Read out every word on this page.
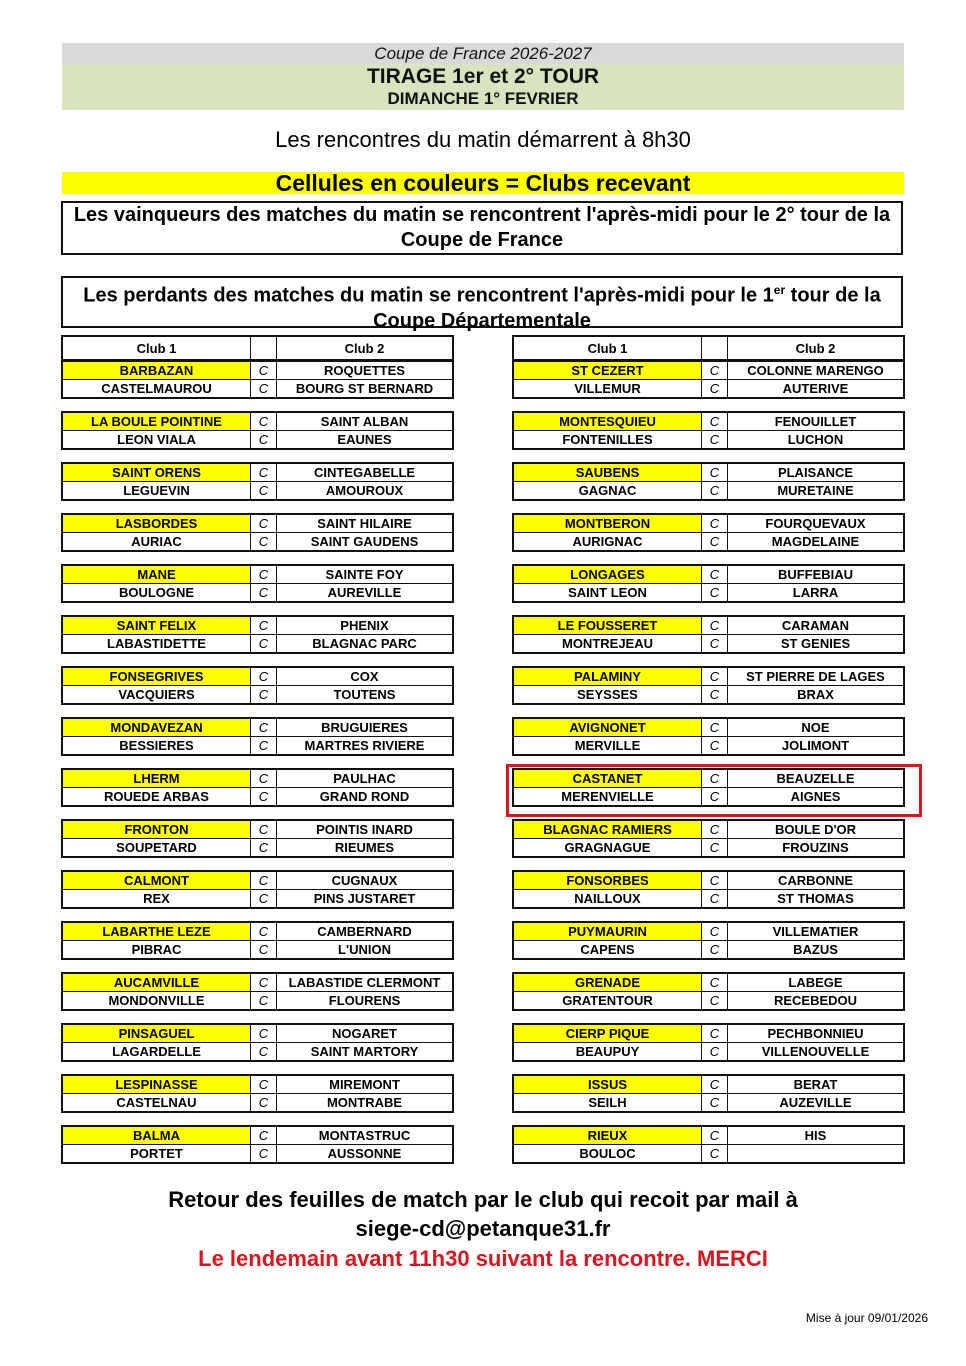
Coupe de France 2026-2027
TIRAGE 1er et 2° TOUR
DIMANCHE 1° FEVRIER
Les rencontres du matin démarrent à 8h30
Cellules en couleurs = Clubs recevant
Les vainqueurs des matches du matin se rencontrent l'après-midi pour le 2° tour de la Coupe de France
Les perdants des matches du matin se rencontrent l'après-midi pour le 1er tour de la Coupe Départementale
Club 1		Club 2
BARBAZAN	C	ROQUETTES
CASTELMAUROU	C	BOURG ST BERNARD
LA BOULE POINTINE	C	SAINT ALBAN
LEON VIALA	C	EAUNES
SAINT ORENS	C	CINTEGABELLE
LEGUEVIN	C	AMOUROUX
LASBORDES	C	SAINT HILAIRE
AURIAC	C	SAINT GAUDENS
MANE	C	SAINTE FOY
BOULOGNE	C	AUREVILLE
SAINT FELIX	C	PHENIX
LABASTIDETTE	C	BLAGNAC PARC
FONSEGRIVES	C	COX
VACQUIERS	C	TOUTENS
MONDAVEZAN	C	BRUGUIERES
BESSIERES	C	MARTRES RIVIERE
LHERM	C	PAULHAC
ROUEDE ARBAS	C	GRAND ROND
FRONTON	C	POINTIS INARD
SOUPETARD	C	RIEUMES
CALMONT	C	CUGNAUX
REX	C	PINS JUSTARET
LABARTHE LEZE	C	CAMBERNARD
PIBRAC	C	L'UNION
AUCAMVILLE	C	LABASTIDE CLERMONT
MONDONVILLE	C	FLOURENS
PINSAGUEL	C	NOGARET
LAGARDELLE	C	SAINT MARTORY
LESPINASSE	C	MIREMONT
CASTELNAU	C	MONTRABE
BALMA	C	MONTASTRUC
PORTET	C	AUSSONNE
Club 1		Club 2
ST CEZERT	C	COLONNE MARENGO
VILLEMUR	C	AUTERIVE
MONTESQUIEU	C	FENOUILLET
FONTENILLES	C	LUCHON
SAUBENS	C	PLAISANCE
GAGNAC	C	MURETAINE
MONTBERON	C	FOURQUEVAUX
AURIGNAC	C	MAGDELAINE
LONGAGES	C	BUFFEBIAU
SAINT LEON	C	LARRA
LE FOUSSERET	C	CARAMAN
MONTREJEAU	C	ST GENIES
PALAMINY	C	ST PIERRE DE LAGES
SEYSSES	C	BRAX
AVIGNONET	C	NOE
MERVILLE	C	JOLIMONT
CASTANET	C	BEAUZELLE
MERENVIELLE	C	AIGNES
BLAGNAC RAMIERS	C	BOULE D'OR
GRAGNAGUE	C	FROUZINS
FONSORBES	C	CARBONNE
NAILLOUX	C	ST THOMAS
PUYMAURIN	C	VILLEMATIER
CAPENS	C	BAZUS
GRENADE	C	LABEGE
GRATENTOUR	C	RECEBEDOU
CIERP PIQUE	C	PECHBONNIEU
BEAUPUY	C	VILLENOUVELLE
ISSUS	C	BERAT
SEILH	C	AUZEVILLE
RIEUX	C	HIS
BOULOC	C	
Retour des feuilles de match par le club qui recoit par mail à
siege-cd@petanque31.fr
Le lendemain avant 11h30 suivant la rencontre. MERCI
Mise à jour 09/01/2026
